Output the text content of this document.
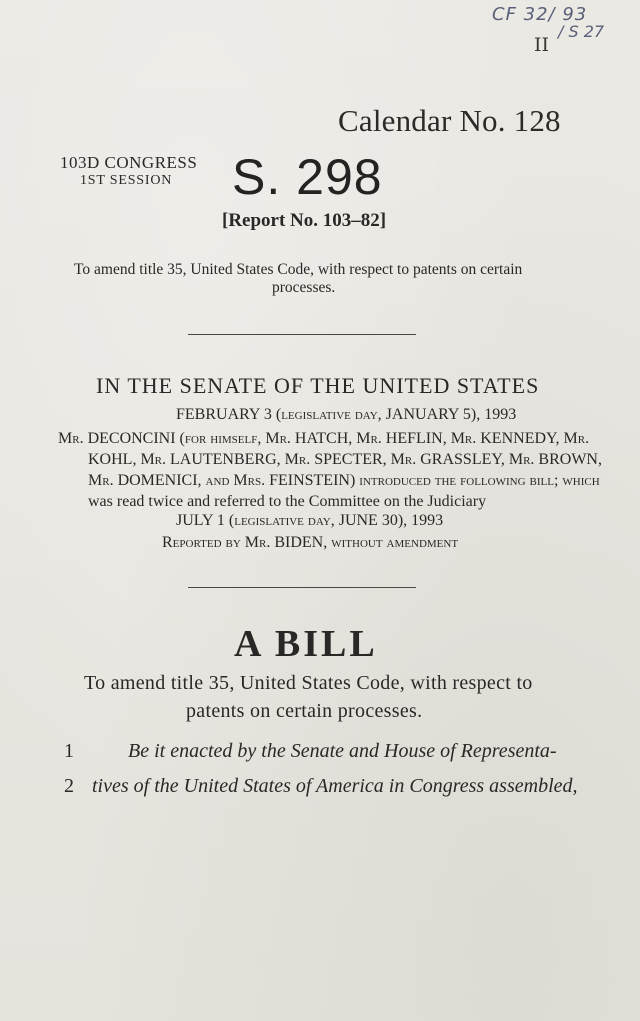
CF 32/ 93
/ S 27
II
Calendar No. 128
103D CONGRESS
1ST SESSION S. 298
[Report No. 103–82]
To amend title 35, United States Code, with respect to patents on certain
processes.
IN THE SENATE OF THE UNITED STATES
FEBRUARY 3 (legislative day, JANUARY 5), 1993
Mr. DECONCINI (for himself, Mr. HATCH, Mr. HEFLIN, Mr. KENNEDY, Mr.
KOHL, Mr. LAUTENBERG, Mr. SPECTER, Mr. GRASSLEY, Mr. BROWN,
Mr. DOMENICI, and Mrs. FEINSTEIN) introduced the following bill; which
was read twice and referred to the Committee on the Judiciary
JULY 1 (legislative day, JUNE 30), 1993
Reported by Mr. BIDEN, without amendment
A BILL
To amend title 35, United States Code, with respect to
patents on certain processes.
1	Be it enacted by the Senate and House of Representa-
2 tives of the United States of America in Congress assembled,
